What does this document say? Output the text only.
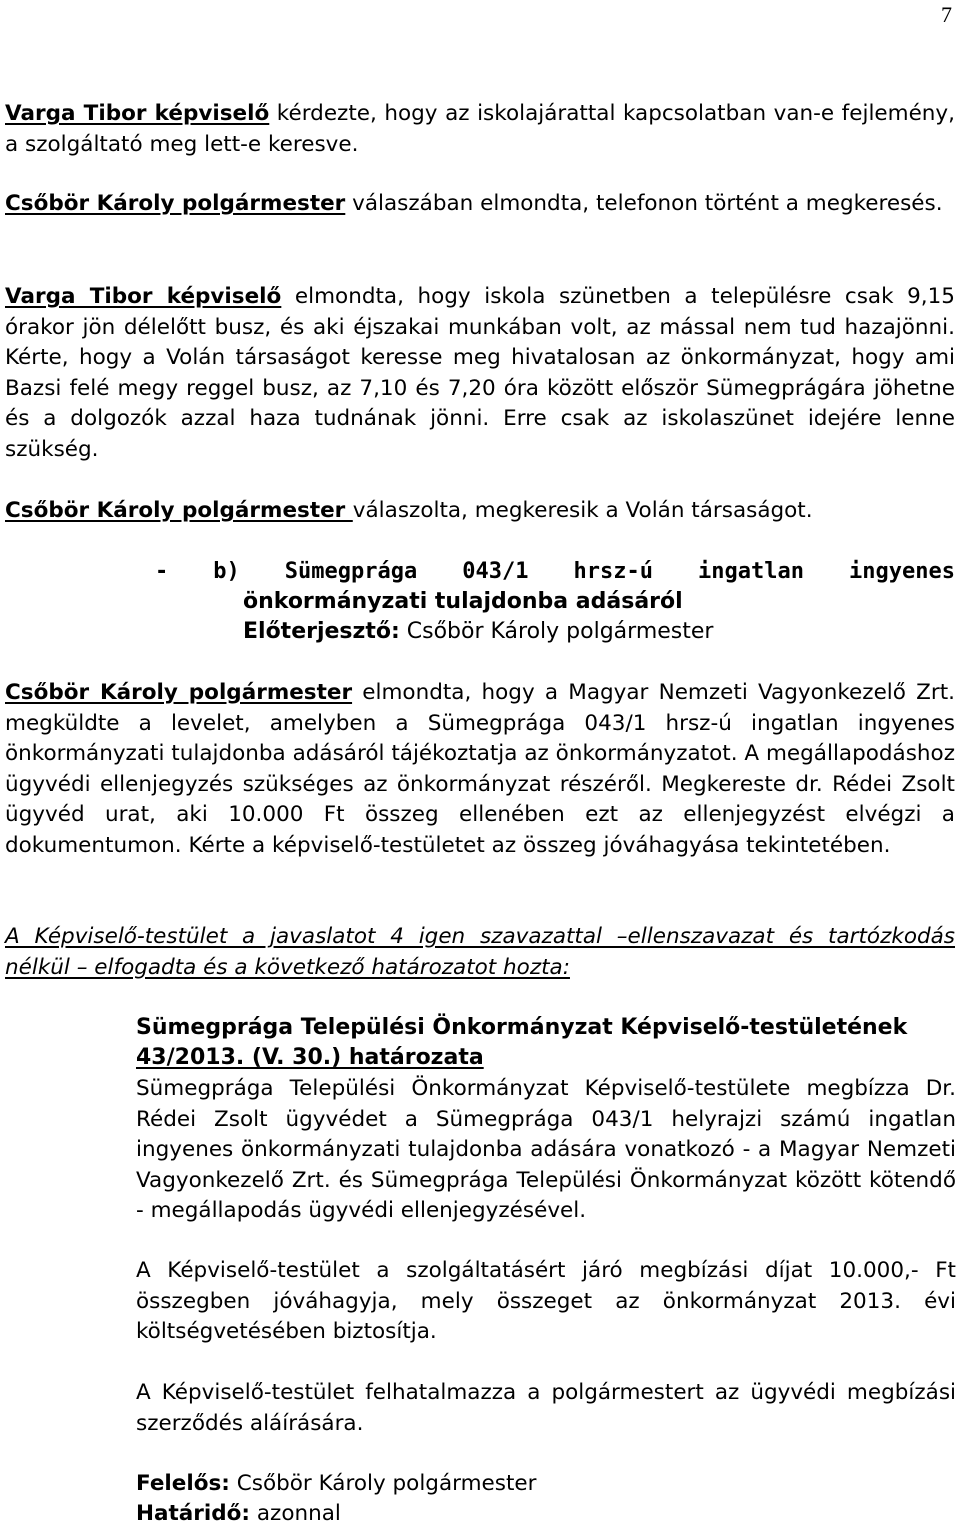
7

Varga Tibor képviselő kérdezte, hogy az iskolajárattal kapcsolatban van-e fejlemény, a szolgáltató meg lett-e keresve.

Csőbör Károly polgármester válaszában elmondta, telefonon történt a megkeresés.

Varga Tibor képviselő elmondta, hogy iskola szünetben a településre csak 9,15 órakor jön délelőtt busz, és aki éjszakai munkában volt, az mással nem tud hazajönni. Kérte, hogy a Volán társaságot keresse meg hivatalosan az önkormányzat, hogy ami Bazsi felé megy reggel busz, az 7,10 és 7,20 óra között először Sümegprágára jöhetne és a dolgozók azzal haza tudnának jönni. Erre csak az iskolaszünet idejére lenne szükség.

Csőbör Károly polgármester válaszolta, megkeresik a Volán társaságot.

- b) Sümegprága 043/1 hrsz-ú ingatlan ingyenes
önkormányzati tulajdonba adásáról
Előterjesztő: Csőbör Károly polgármester

Csőbör Károly polgármester elmondta, hogy a Magyar Nemzeti Vagyonkezelő Zrt. megküldte a levelet, amelyben a Sümegprága 043/1 hrsz-ú ingatlan ingyenes önkormányzati tulajdonba adásáról tájékoztatja az önkormányzatot. A megállapodáshoz ügyvédi ellenjegyzés szükséges az önkormányzat részéről. Megkereste dr. Rédei Zsolt ügyvéd urat, aki 10.000 Ft összeg ellenében ezt az ellenjegyzést elvégzi a dokumentumon. Kérte a képviselő-testületet az összeg jóváhagyása tekintetében.

A Képviselő-testület a javaslatot 4 igen szavazattal –ellenszavazat és tartózkodás nélkül – elfogadta és a következő határozatot hozta:

Sümegprága Települési Önkormányzat Képviselő-testületének

43/2013. (V. 30.) határozata

Sümegprága Települési Önkormányzat Képviselő-testülete megbízza Dr. Rédei Zsolt ügyvédet a Sümegprága 043/1 helyrajzi számú ingatlan ingyenes önkormányzati tulajdonba adására vonatkozó - a Magyar Nemzeti Vagyonkezelő Zrt. és Sümegprága Települési Önkormányzat között kötendő - megállapodás ügyvédi ellenjegyzésével.

A Képviselő-testület a szolgáltatásért járó megbízási díjat 10.000,- Ft összegben jóváhagyja, mely összeget az önkormányzat 2013. évi költségvetésében biztosítja.

A Képviselő-testület felhatalmazza a polgármestert az ügyvédi megbízási szerződés aláírására.

Felelős: Csőbör Károly polgármester

Határidő: azonnal
